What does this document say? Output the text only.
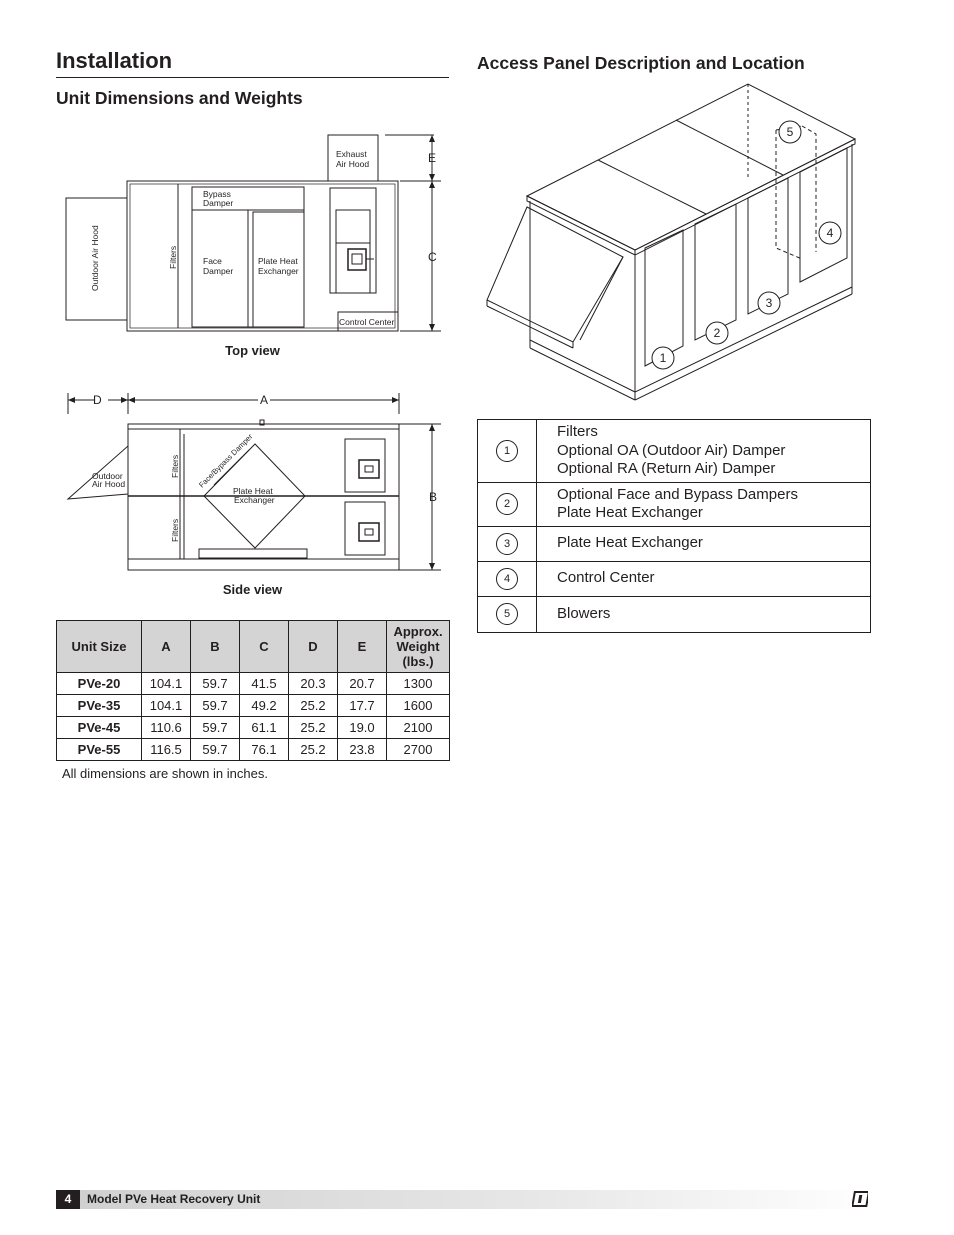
Installation
Unit Dimensions and Weights
Access Panel Description and Location
Outdoor Air Hood	Filters
Bypass
Damper
Face
Damper
Plate Heat
Exchanger
Exhaust
Air Hood
Control Center
E
C
Top view
D	A
B
Outdoor
Air Hood
Filters
Filters
Face/Bypass Damper
Plate Heat
Exchanger
Side view
Unit Size	A	B	C	D	E	Approx.
Weight
(lbs.)
PVe-20	104.1	59.7	41.5	20.3	20.7	1300
PVe-35	104.1	59.7	49.2	25.2	17.7	1600
PVe-45	110.6	59.7	61.1	25.2	19.0	2100
PVe-55	116.5	59.7	76.1	25.2	23.8	2700
All dimensions are shown in inches.
1
2
3
4
5
1	Filters
Optional OA (Outdoor Air) Damper
Optional RA (Return Air) Damper

2	Optional Face and Bypass Dampers
Plate Heat Exchanger

3	Plate Heat Exchanger

4	Control Center

5	Blowers
4	Model PVe Heat Recovery Unit
